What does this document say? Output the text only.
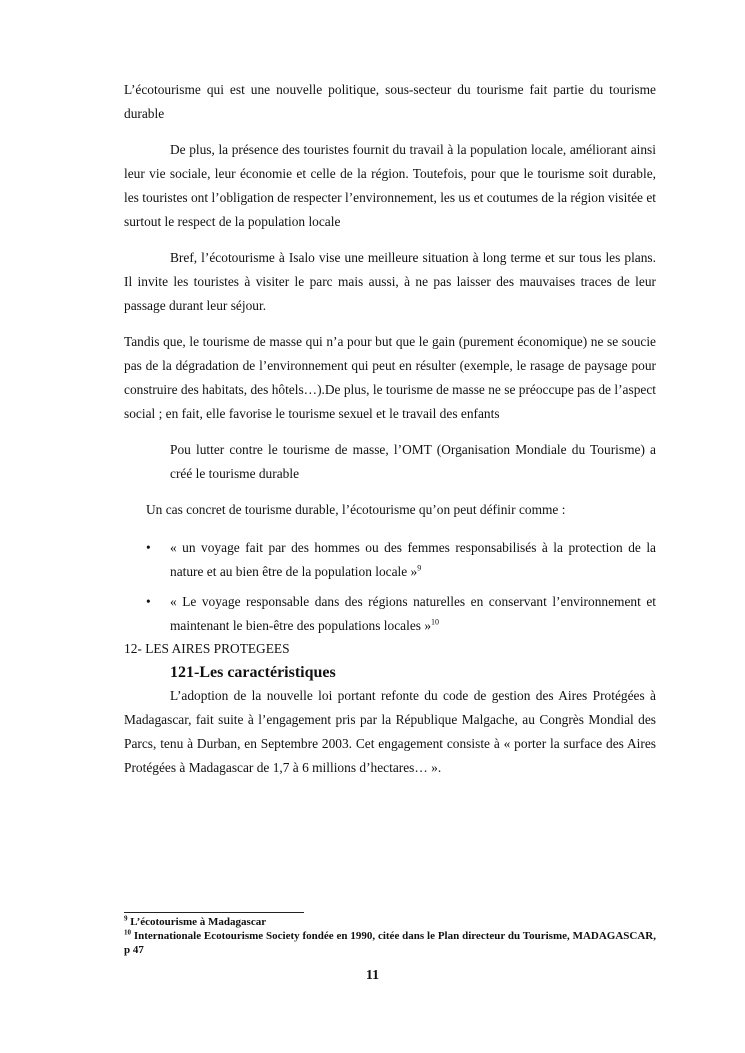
L’écotourisme qui est une nouvelle politique, sous-secteur du tourisme fait partie du tourisme durable

De plus, la présence des touristes fournit du travail à la population locale, améliorant ainsi leur vie sociale, leur économie et celle de la région. Toutefois, pour que le tourisme soit durable, les touristes ont l’obligation de respecter l’environnement, les us et coutumes de la région visitée et surtout le respect de la population locale

Bref, l’écotourisme à Isalo vise une meilleure situation à long terme et sur tous les plans. Il invite les touristes à visiter le parc mais aussi, à ne pas laisser des mauvaises traces de leur passage durant leur séjour.

Tandis que, le tourisme de masse qui n’a pour but que le gain (purement économique) ne se soucie pas de la dégradation de l’environnement qui peut en résulter (exemple, le rasage de paysage pour construire des habitats, des hôtels…).De plus, le tourisme de masse ne se préoccupe pas de l’aspect social ; en fait, elle favorise le tourisme sexuel et le travail des enfants

Pou lutter contre le tourisme de masse, l’OMT (Organisation Mondiale du Tourisme) a créé le tourisme durable

Un cas concret de tourisme durable, l’écotourisme qu’on peut définir comme :

• « un voyage fait par des hommes ou des femmes responsabilisés à la protection de la nature et au bien être de la population locale »$^9$
• « Le voyage responsable dans des régions naturelles en conservant l’environnement et maintenant le bien-être des populations locales »$^{10}$
12- LES AIRES PROTEGEES
121-Les caractéristiques

L’adoption de la nouvelle loi portant refonte du code de gestion des Aires Protégées à Madagascar, fait suite à l’engagement pris par la République Malgache, au Congrès Mondial des Parcs, tenu à Durban, en Septembre 2003. Cet engagement consiste à « porter la surface des Aires Protégées à Madagascar de 1,7 à 6 millions d’hectares… ».

$^9$ L’écotourisme à Madagascar
$^{10}$ Internationale Ecotourisme Society fondée en 1990, citée dans le Plan directeur du Tourisme, MADAGASCAR, p 47
11
